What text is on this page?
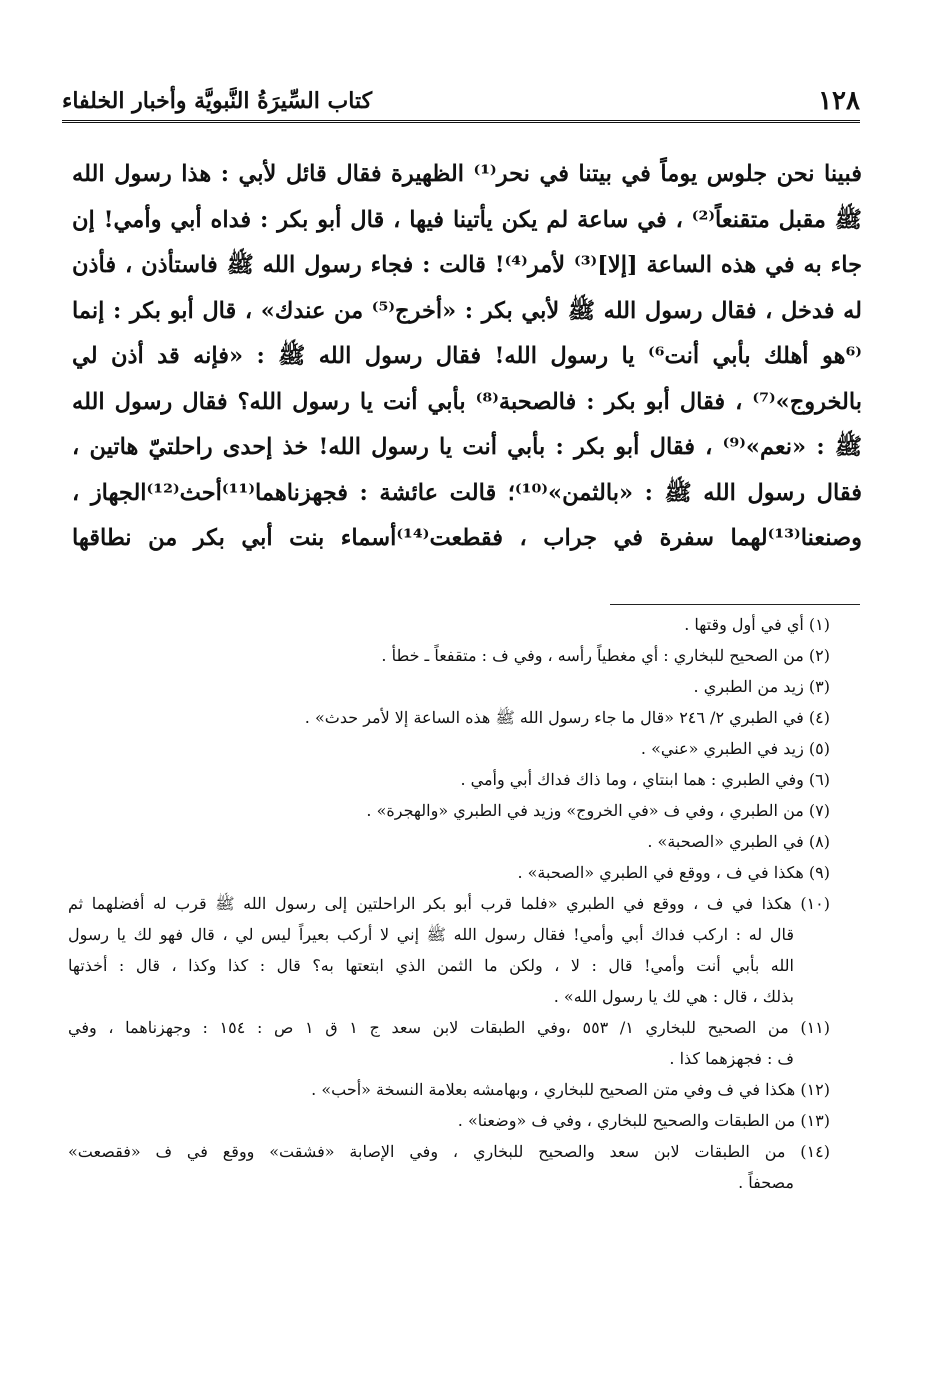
١٢٨
كتاب السِّيرَةُ النَّبويَّة وأخبار الخلفاء
فبينا نحن جلوس يوماً في بيتنا في نحر⁽¹⁾ الظهيرة فقال قائل لأبي : هذا رسول الله
ﷺ مقبل متقنعاً⁽²⁾ ، في ساعة لم يكن يأتينا فيها ، قال أبو بكر : فداه أبي وأمي! إن
جاء به في هذه الساعة [إلا]⁽³⁾ لأمر⁽⁴⁾! قالت : فجاء رسول الله ﷺ فاستأذن ، فأذن
له فدخل ، فقال رسول الله ﷺ لأبي بكر : «أخرج⁽⁵⁾ من عندك» ، قال أبو بكر : إنما
⁽⁶هو أهلك بأبي أنت⁶⁾ يا رسول الله! فقال رسول الله ﷺ : «فإنه قد أذن لي
بالخروج»⁽⁷⁾ ، فقال أبو بكر : فالصحبة⁽⁸⁾ بأبي أنت يا رسول الله؟ فقال رسول الله
ﷺ : «نعم»⁽⁹⁾ ، فقال أبو بكر : بأبي أنت يا رسول الله! خذ إحدى راحلتيّ هاتين ،
فقال رسول الله ﷺ : «بالثمن»⁽¹⁰⁾؛ قالت عائشة : فجهزناهما⁽¹¹⁾أحث⁽¹²⁾الجهاز ،
وصنعنا⁽¹³⁾لهما سفرة في جراب ، فقطعت⁽¹⁴⁾أسماء بنت أبي بكر من نطاقها
(١) أي في أول وقتها .
(٢) من الصحيح للبخاري : أي مغطياً رأسه ، وفي ف : متقفعاً ـ خطأ .
(٣) زيد من الطبري .
(٤) في الطبري ٢/ ٢٤٦ «قال ما جاء رسول الله ﷺ هذه الساعة إلا لأمر حدث» .
(٥) زيد في الطبري «عني» .
(٦) وفي الطبري : هما ابنتاي ، وما ذاك فداك أبي وأمي .
(٧) من الطبري ، وفي ف «في الخروج» وزيد في الطبري «والهجرة» .
(٨) في الطبري «الصحبة» .
(٩) هكذا في ف ، ووقع في الطبري «الصحبة» .
(١٠) هكذا في ف ، ووقع في الطبري «فلما قرب أبو بكر الراحلتين إلى رسول الله ﷺ قرب له أفضلهما ثم
قال له : اركب فداك أبي وأمي! فقال رسول الله ﷺ إني لا أركب بعيراً ليس لي ، قال فهو لك يا رسول
الله بأبي أنت وأمي! قال : لا ، ولكن ما الثمن الذي ابتعتها به؟ قال : كذا وكذا ، قال : أخذتها
بذلك ، قال : هي لك يا رسول الله» .
(١١) من الصحيح للبخاري ١/ ٥٥٣ ،وفي الطبقات لابن سعد ج ١ ق ١ ص : ١٥٤ : وجهزناهما ، وفي
ف : فجهزهما كذا .
(١٢) هكذا في ف وفي متن الصحيح للبخاري ، وبهامشه بعلامة النسخة «أحب» .
(١٣) من الطبقات والصحيح للبخاري ، وفي ف «وضعنا» .
(١٤) من الطبقات لابن سعد والصحيح للبخاري ، وفي الإصابة «فشقت» ووقع في ف «فقصعت»
مصحفاً .
